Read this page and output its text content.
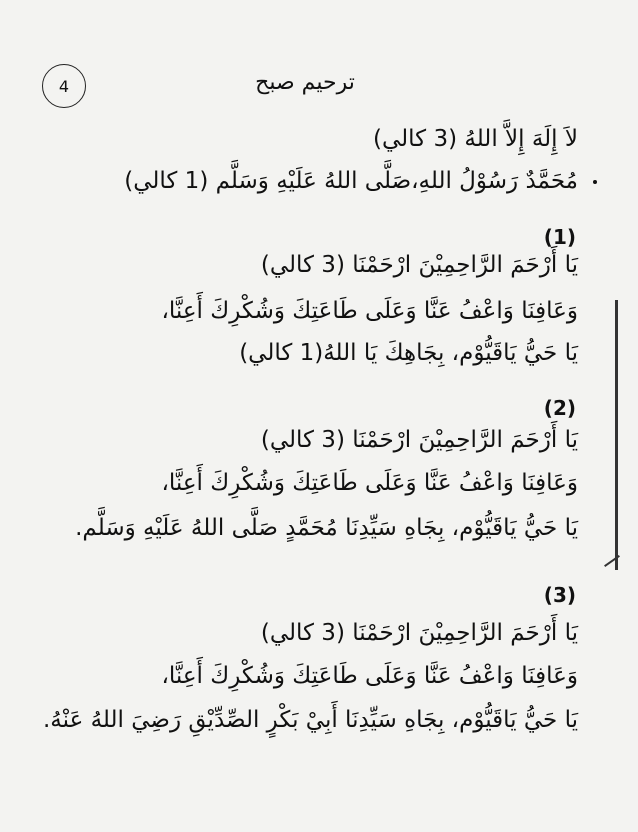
4	ترحيم صبح
لاَ إِلَهَ إِلاَّ اللهُ (3 كالي)
مُحَمَّدٌ رَسُوْلُ اللهِ،صَلَّى اللهُ عَلَيْهِ وَسَلَّم (1 كالي)
(1)
يَا أَرْحَمَ الرَّاحِمِيْنَ ارْحَمْنَا (3 كالي)
وَعَافِنَا وَاعْفُ عَنَّا وَعَلَى طَاعَتِكَ وَشُكْرِكَ أَعِنَّا،
يَا حَيُّ يَاقَيُّوْم، بِجَاهِكَ يَا اللهُ(1 كالي)
(2)
يَا أَرْحَمَ الرَّاحِمِيْنَ ارْحَمْنَا (3 كالي)
وَعَافِنَا وَاعْفُ عَنَّا وَعَلَى طَاعَتِكَ وَشُكْرِكَ أَعِنَّا،
يَا حَيُّ يَاقَيُّوْم، بِجَاهِ سَيِّدِنَا مُحَمَّدٍ صَلَّى اللهُ عَلَيْهِ وَسَلَّم.
(3)
يَا أَرْحَمَ الرَّاحِمِيْنَ ارْحَمْنَا (3 كالي)
وَعَافِنَا وَاعْفُ عَنَّا وَعَلَى طَاعَتِكَ وَشُكْرِكَ أَعِنَّا،
يَا حَيُّ يَاقَيُّوْم، بِجَاهِ سَيِّدِنَا أَبِيْ بَكْرٍ الصِّدِّيْقِ رَضِيَ اللهُ عَنْهُ.
